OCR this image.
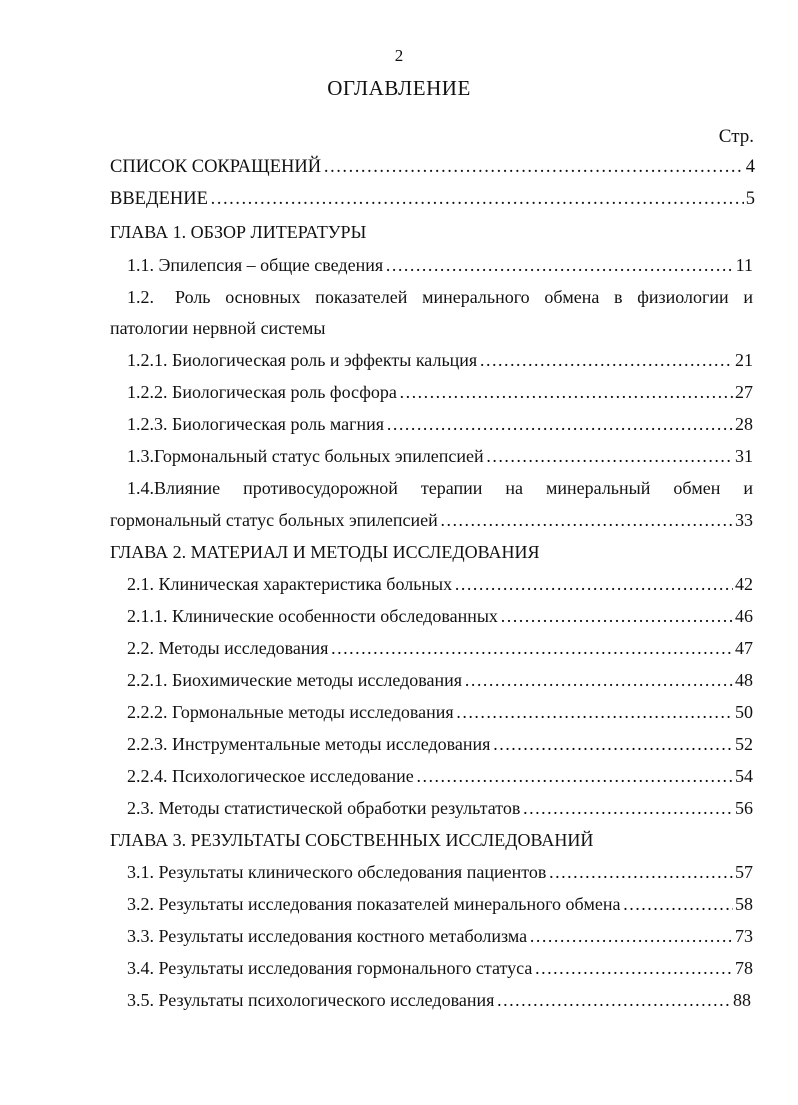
2
ОГЛАВЛЕНИЕ
Стр.
СПИСОК СОКРАЩЕНИЙ …………………………………………………………………………………………………………………………………………………………………………………………………	4
ВВЕДЕНИЕ …………………………………………………………………………………………………………………………………………………………………………………………………	5
ГЛАВА 1. ОБЗОР ЛИТЕРАТУРЫ
1.1. Эпилепсия – общие сведения …………………………………………………………………………………………………………………………………………………………………………………………………	11
1.2.	Роль основных показателей минерального обмена в физиологии и
патологии нервной системы
1.2.1. Биологическая роль и эффекты кальция …………………………………………………………………………………………………………………………………………………………………………………………………	21
1.2.2. Биологическая роль фосфора …………………………………………………………………………………………………………………………………………………………………………………………………	27
1.2.3. Биологическая роль магния …………………………………………………………………………………………………………………………………………………………………………………………………	28
1.3.Гормональный статус больных эпилепсией …………………………………………………………………………………………………………………………………………………………………………………………………	31
1.4.Влияние противосудорожной терапии на минеральный обмен и
гормональный статус больных эпилепсией …………………………………………………………………………………………………………………………………………………………………………………………………	33
ГЛАВА 2. МАТЕРИАЛ И МЕТОДЫ ИССЛЕДОВАНИЯ
2.1. Клиническая характеристика больных …………………………………………………………………………………………………………………………………………………………………………………………………	42
2.1.1. Клинические особенности обследованных …………………………………………………………………………………………………………………………………………………………………………………………………	46
2.2. Методы исследования …………………………………………………………………………………………………………………………………………………………………………………………………	47
2.2.1. Биохимические методы исследования …………………………………………………………………………………………………………………………………………………………………………………………………	48
2.2.2. Гормональные методы исследования …………………………………………………………………………………………………………………………………………………………………………………………………	50
2.2.3. Инструментальные методы исследования …………………………………………………………………………………………………………………………………………………………………………………………………	52
2.2.4. Психологическое исследование …………………………………………………………………………………………………………………………………………………………………………………………………	54
2.3. Методы статистической обработки результатов …………………………………………………………………………………………………………………………………………………………………………………………………	56
ГЛАВА 3. РЕЗУЛЬТАТЫ СОБСТВЕННЫХ ИССЛЕДОВАНИЙ
3.1. Результаты клинического обследования пациентов …………………………………………………………………………………………………………………………………………………………………………………………………	57
3.2. Результаты исследования показателей минерального обмена …………………………………………………………………………………………………………………………………………………………………………………………………	58
3.3. Результаты исследования костного метаболизма …………………………………………………………………………………………………………………………………………………………………………………………………	73
3.4. Результаты исследования гормонального статуса …………………………………………………………………………………………………………………………………………………………………………………………………	78
3.5. Результаты психологического исследования …………………………………………………………………………………………………………………………………………………………………………………………………	88
